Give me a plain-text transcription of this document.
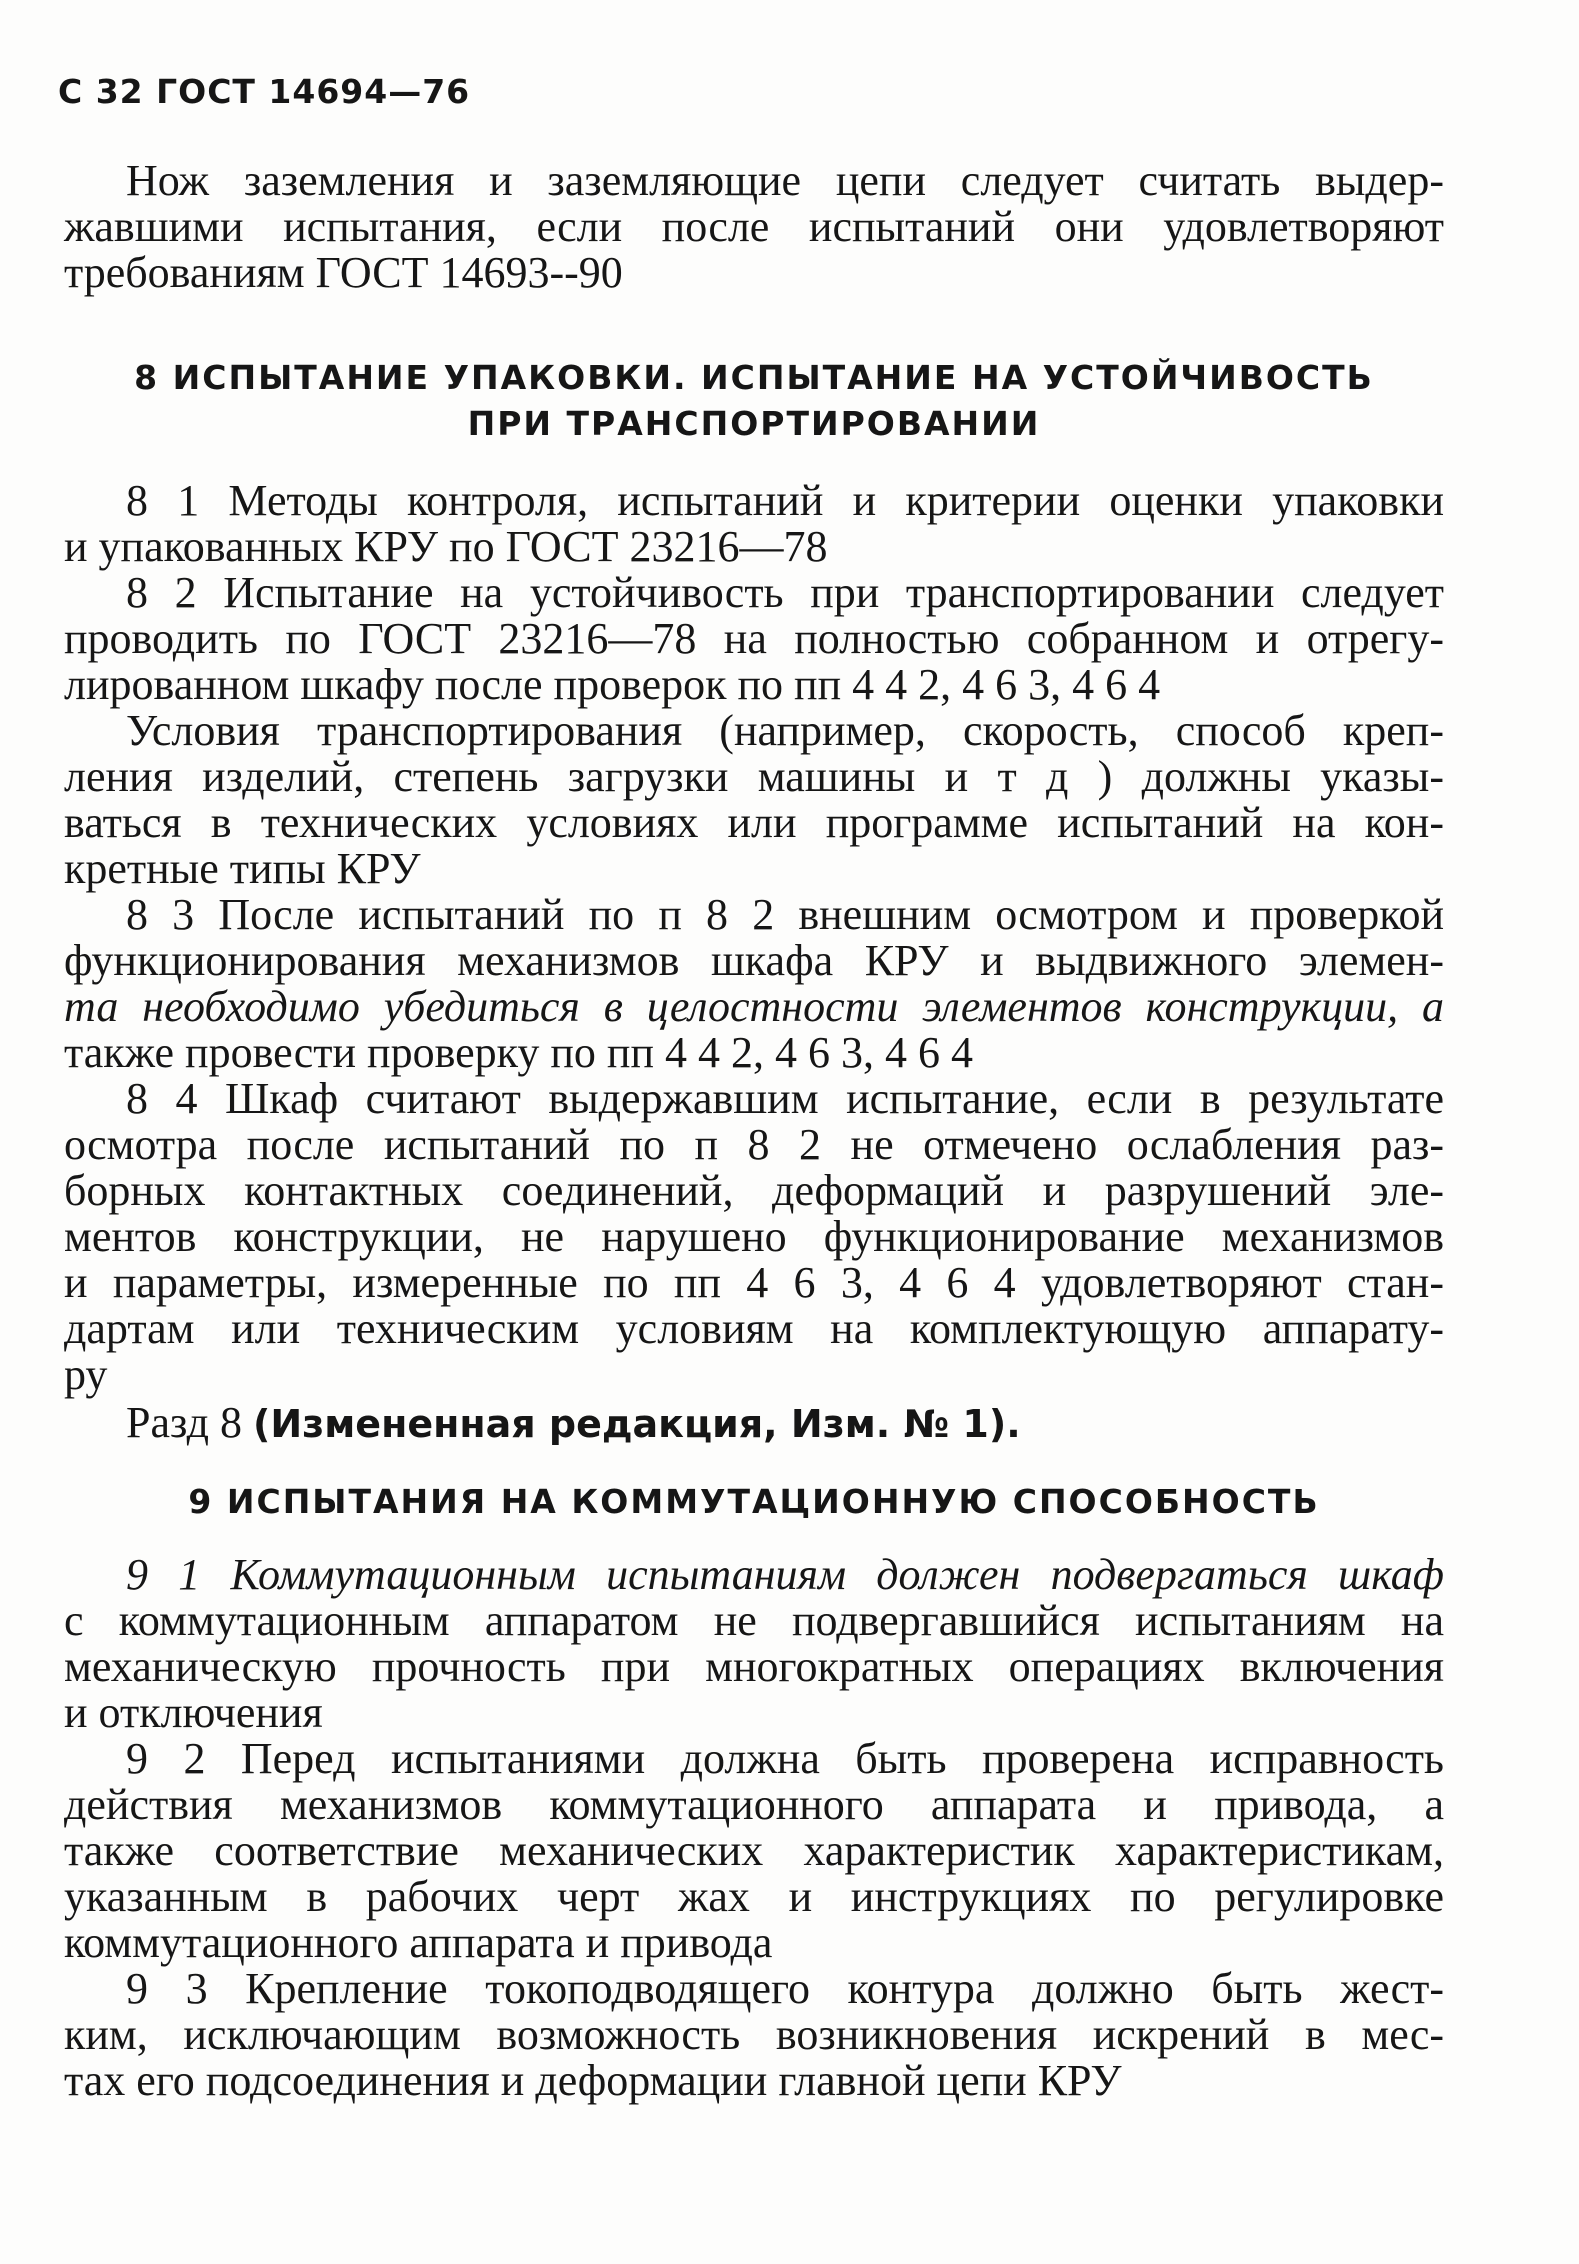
С 32 ГОСТ 14694—76
Нож заземления и заземляющие цепи следует считать выдер-
жавшими испытания, если после испытаний они удовлетворяют
требованиям ГОСТ 14693--90
8 ИСПЫТАНИЕ УПАКОВКИ. ИСПЫТАНИЕ НА УСТОЙЧИВОСТЬ
ПРИ ТРАНСПОРТИРОВАНИИ
8 1 Методы контроля, испытаний и критерии оценки упаковки
и упакованных КРУ по ГОСТ 23216—78
8 2 Испытание на устойчивость при транспортировании следует
проводить по ГОСТ 23216—78 на полностью собранном и отрегу-
лированном шкафу после проверок по пп 4 4 2, 4 6 3, 4 6 4
Условия транспортирования (например, скорость, способ креп-
ления изделий, степень загрузки машины и т д ) должны указы-
ваться в технических условиях или программе испытаний на кон-
кретные типы КРУ
8 3 После испытаний по п 8 2 внешним осмотром и проверкой
функционирования механизмов шкафа КРУ и выдвижного элемен-
та необходимо убедиться в целостности элементов конструкции, а
также провести проверку по пп 4 4 2, 4 6 3, 4 6 4
8 4 Шкаф считают выдержавшим испытание, если в результате
осмотра после испытаний по п 8 2 не отмечено ослабления раз-
борных контактных соединений, деформаций и разрушений эле-
ментов конструкции, не нарушено функционирование механизмов
и параметры, измеренные по пп 4 6 3, 4 6 4 удовлетворяют стан-
дартам или техническим условиям на комплектующую аппарату-
ру
Разд 8 (Измененная редакция, Изм. № 1).
9 ИСПЫТАНИЯ НА КОММУТАЦИОННУЮ СПОСОБНОСТЬ
9 1 Коммутационным испытаниям должен подвергаться шкаф
с коммутационным аппаратом не подвергавшийся испытаниям на
механическую прочность при многократных операциях включения
и отключения
9 2 Перед испытаниями должна быть проверена исправность
действия механизмов коммутационного аппарата и привода, а
также соответствие механических характеристик характеристикам,
указанным в рабочих черт жах и инструкциях по регулировке
коммутационного аппарата и привода
9 3 Крепление токоподводящего контура должно быть жест-
ким, исключающим возможность возникновения искрений в мес-
тах его подсоединения и деформации главной цепи КРУ
